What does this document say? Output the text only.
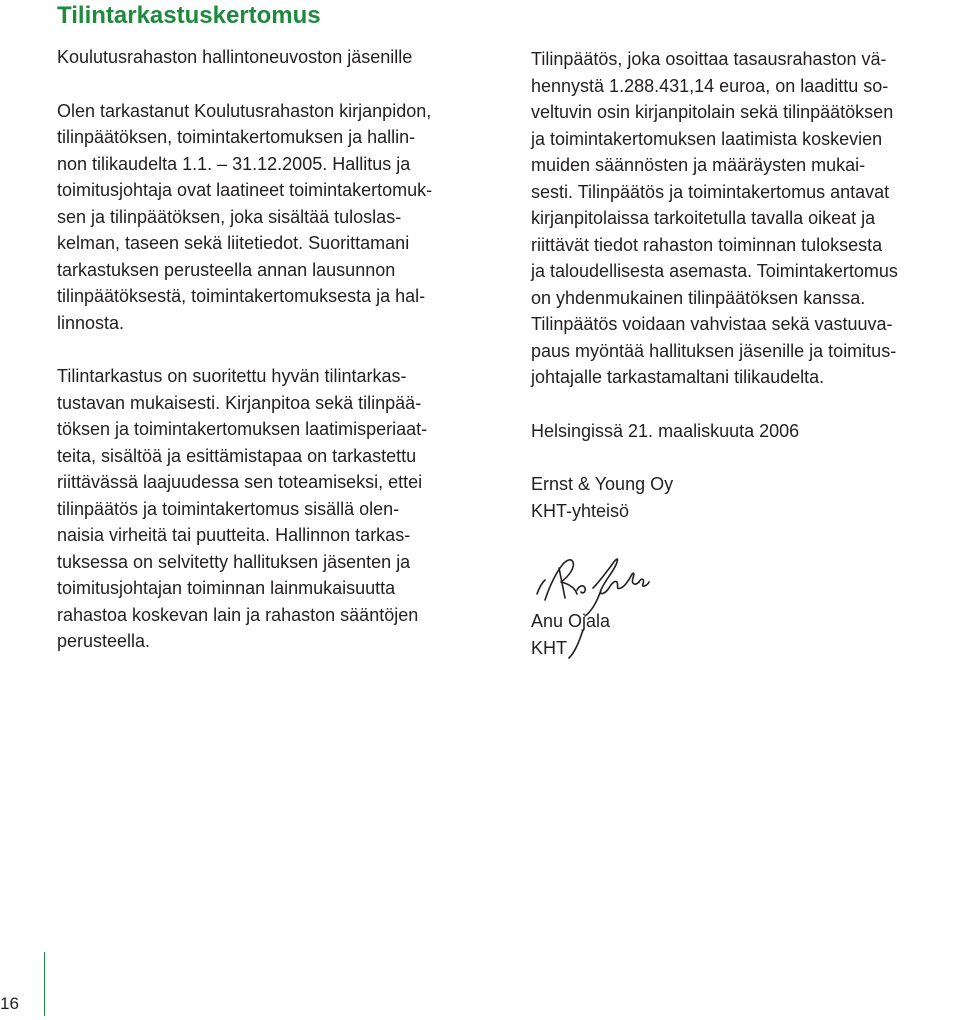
Tilintarkastuskertomus
Koulutusrahaston hallintoneuvoston jäsenille
Olen tarkastanut Koulutusrahaston kirjanpidon,
tilinpäätöksen, toimintakertomuksen ja hallin-
non tilikaudelta 1.1. – 31.12.2005. Hallitus ja
toimitusjohtaja ovat laatineet toimintakertomuk-
sen ja tilinpäätöksen, joka sisältää tuloslas-
kelman, taseen sekä liitetiedot. Suorittamani
tarkastuksen perusteella annan lausunnon
tilinpäätöksestä, toimintakertomuksesta ja hal-
linnosta.
Tilintarkastus on suoritettu hyvän tilintarkas-
tustavan mukaisesti. Kirjanpitoa sekä tilinpää-
töksen ja toimintakertomuksen laatimisperiaat-
teita, sisältöä ja esittämistapaa on tarkastettu
riittävässä laajuudessa sen toteamiseksi, ettei
tilinpäätös ja toimintakertomus sisällä olen-
naisia virheitä tai puutteita. Hallinnon tarkas-
tuksessa on selvitetty hallituksen jäsenten ja
toimitusjohtajan toiminnan lainmukaisuutta
rahastoa koskevan lain ja rahaston sääntöjen
perusteella.
Tilinpäätös, joka osoittaa tasausrahaston vä-
hennystä 1.288.431,14 euroa, on laadittu so-
veltuvin osin kirjanpitolain sekä tilinpäätöksen
ja toimintakertomuksen laatimista koskevien
muiden säännösten ja määräysten mukai-
sesti. Tilinpäätös ja toimintakertomus antavat
kirjanpitolaissa tarkoitetulla tavalla oikeat ja
riittävät tiedot rahaston toiminnan tuloksesta
ja taloudellisesta asemasta. Toimintakertomus
on yhdenmukainen tilinpäätöksen kanssa.
Tilinpäätös voidaan vahvistaa sekä vastuuva-
paus myöntää hallituksen jäsenille ja toimitus-
johtajalle tarkastamaltani tilikaudelta.
Helsingissä 21. maaliskuuta 2006
Ernst & Young Oy
KHT-yhteisö
Anu Ojala
KHT
16
